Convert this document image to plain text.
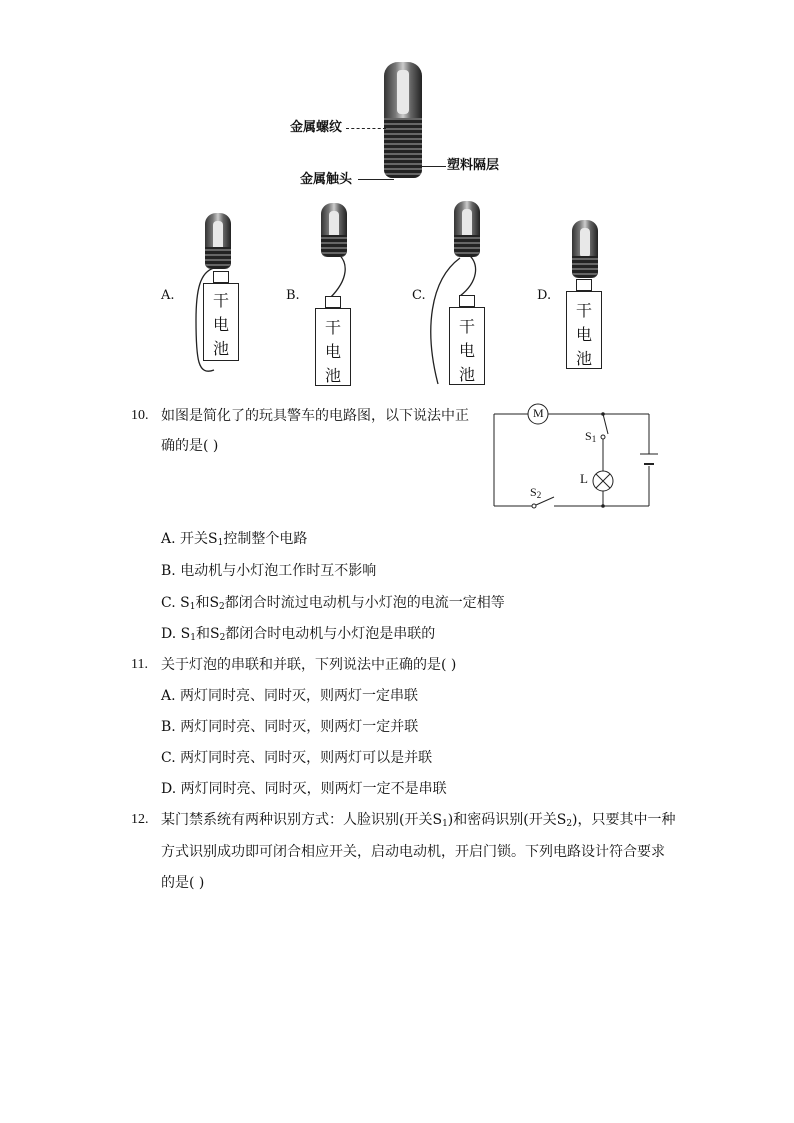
金属螺纹
塑料隔层
金属触头
A.	干
电
池
B.
干
电
池
C.
干
电
池
D.
干
电
池
10. 如图是简化了的玩具警车的电路图，以下说法中正
确的是( )
M
$S_1$
L
$S_2$
A. 开关$S_1$控制整个电路
B. 电动机与小灯泡工作时互不影响
C. $S_1$和$S_2$都闭合时流过电动机与小灯泡的电流一定相等
D. $S_1$和$S_2$都闭合时电动机与小灯泡是串联的
11. 关于灯泡的串联和并联，下列说法中正确的是( )
A. 两灯同时亮、同时灭，则两灯一定串联
B. 两灯同时亮、同时灭，则两灯一定并联
C. 两灯同时亮、同时灭，则两灯可以是并联
D. 两灯同时亮、同时灭，则两灯一定不是串联
12. 某门禁系统有两种识别方式：人脸识别(开关$S_1$)和密码识别(开关$S_2$)，只要其中一种
方式识别成功即可闭合相应开关，启动电动机，开启门锁。下列电路设计符合要求
的是( )
